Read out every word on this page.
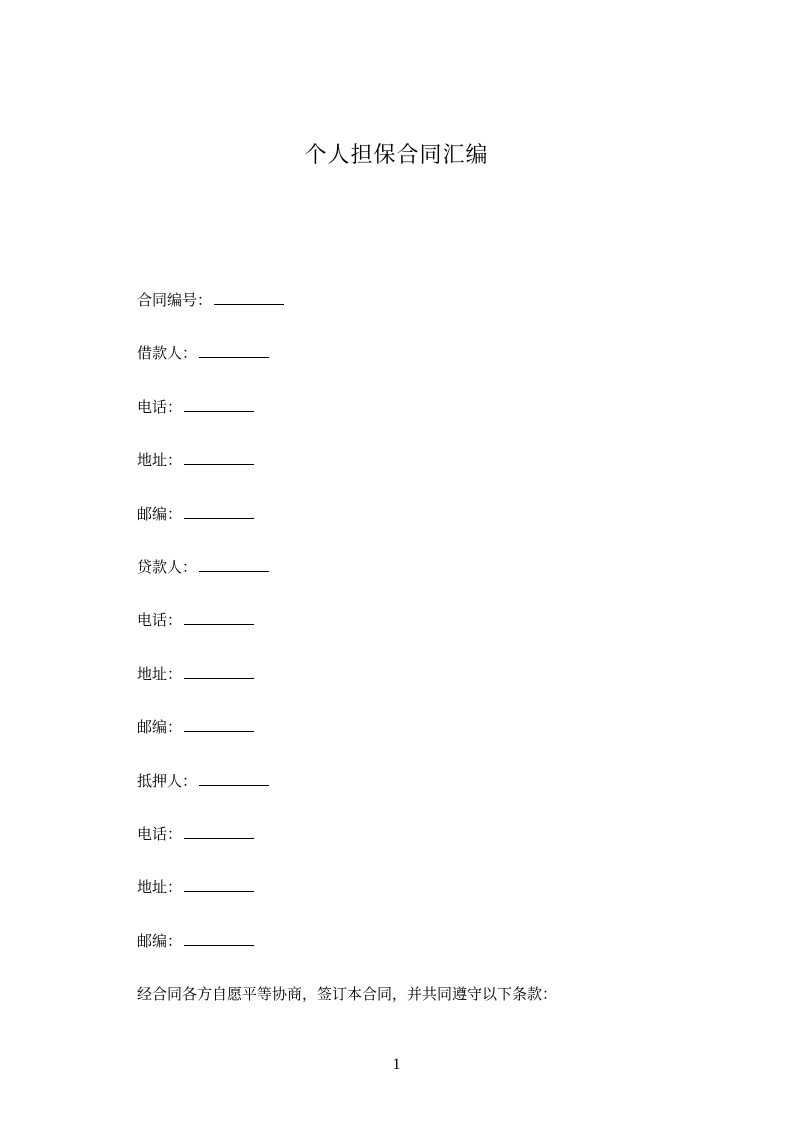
个人担保合同汇编
合同编号：
借款人：
电话：
地址：
邮编：
贷款人：
电话：
地址：
邮编：
抵押人：
电话：
地址：
邮编：

经合同各方自愿平等协商，签订本合同，并共同遵守以下条款：

1
